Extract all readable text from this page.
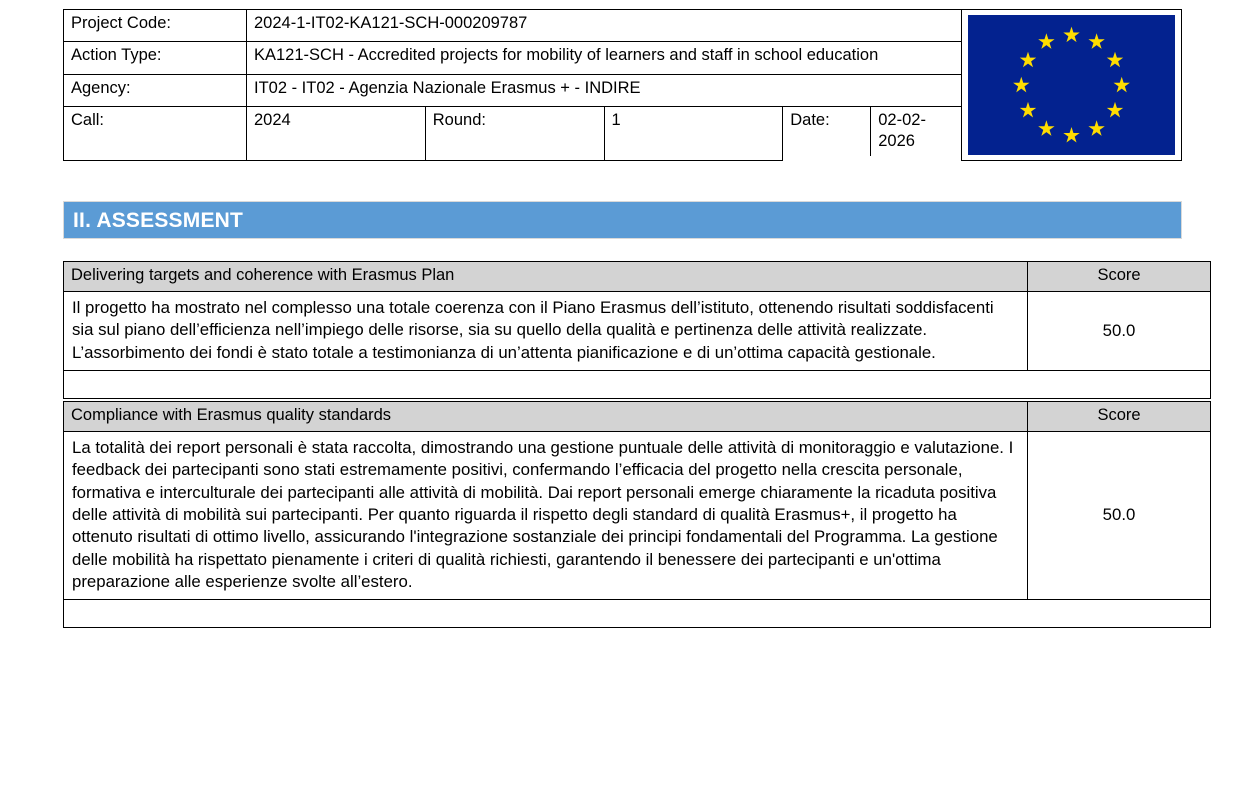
Project Code:	2024-1-IT02-KA121-SCH-000209787	

Action Type:	KA121-SCH - Accredited projects for mobility of learners and staff in school education
Agency:	IT02 - IT02 - Agenzia Nazionale Erasmus + - INDIRE
Call:	2024	Round:	1		Date:	02-02-2026
II. ASSESSMENT
Delivering targets and coherence with Erasmus Plan	Score
Il progetto ha mostrato nel complesso una totale coerenza con il Piano Erasmus dell’istituto, ottenendo risultati soddisfacenti sia sul piano dell’efficienza nell’impiego delle risorse, sia su quello della qualità e pertinenza delle attività realizzate. L’assorbimento dei fondi è stato totale a testimonianza di un’attenta pianificazione e di un’ottima capacità gestionale.	50.0

Compliance with Erasmus quality standards	Score
La totalità dei report personali è stata raccolta, dimostrando una gestione puntuale delle attività di monitoraggio e valutazione. I feedback dei partecipanti sono stati estremamente positivi, confermando l’efficacia del progetto nella crescita personale, formativa e interculturale dei partecipanti alle attività di mobilità. Dai report personali emerge chiaramente la ricaduta positiva delle attività di mobilità sui partecipanti. Per quanto riguarda il rispetto degli standard di qualità Erasmus+, il progetto ha ottenuto risultati di ottimo livello, assicurando l'integrazione sostanziale dei principi fondamentali del Programma. La gestione delle mobilità ha rispettato pienamente i criteri di qualità richiesti, garantendo il benessere dei partecipanti e un'ottima preparazione alle esperienze svolte all’estero.	50.0
